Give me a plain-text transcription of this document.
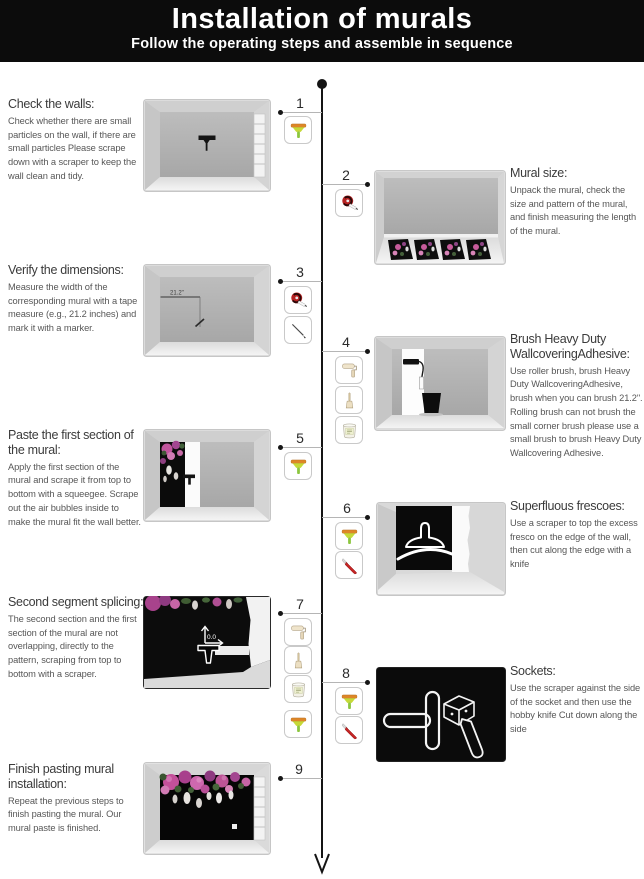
Installation of murals

Follow the operating steps and assemble in sequence

Check the walls:

Check whether there are small particles on the wall, if there are small particles Please scrape down with a scraper to keep the wall clean and tidy.

1
2	Mural size:

Unpack the mural, check the size and pattern of the mural, and finish measuring the length of the mural.

Verify the dimensions:

Measure the width of the corresponding mural with a tape measure (e.g., 21.2 inches) and mark it with a marker.

21.2"
3
4	Brush Heavy Duty WallcoveringAdhesive:

Use roller brush, brush Heavy Duty WallcoveringAdhesive, brush when you can brush 21.2". Rolling brush can not brush the small corner brush please use a small brush to brush Heavy Duty Wallcovering Adhesive.

Paste the first section of the mural:

Apply the first section of the mural and scrape it from top to bottom with a squeegee. Scrape out the air bubbles inside to make the mural fit the wall better.

5
6	Superfluous frescoes:

Use a scraper to top the excess fresco on the edge of the wall, then cut along the edge with a knife

Second segment splicing:

The second section and the first section of the mural are not overlapping, directly to the pattern, scraping from top to bottom with a scraper.

0.0
7
8	Sockets:

Use the scraper against the side of the socket and then use the hobby knife Cut down along the side

Finish pasting mural installation:

Repeat the previous steps to finish pasting the mural. Our mural paste is finished.

9
